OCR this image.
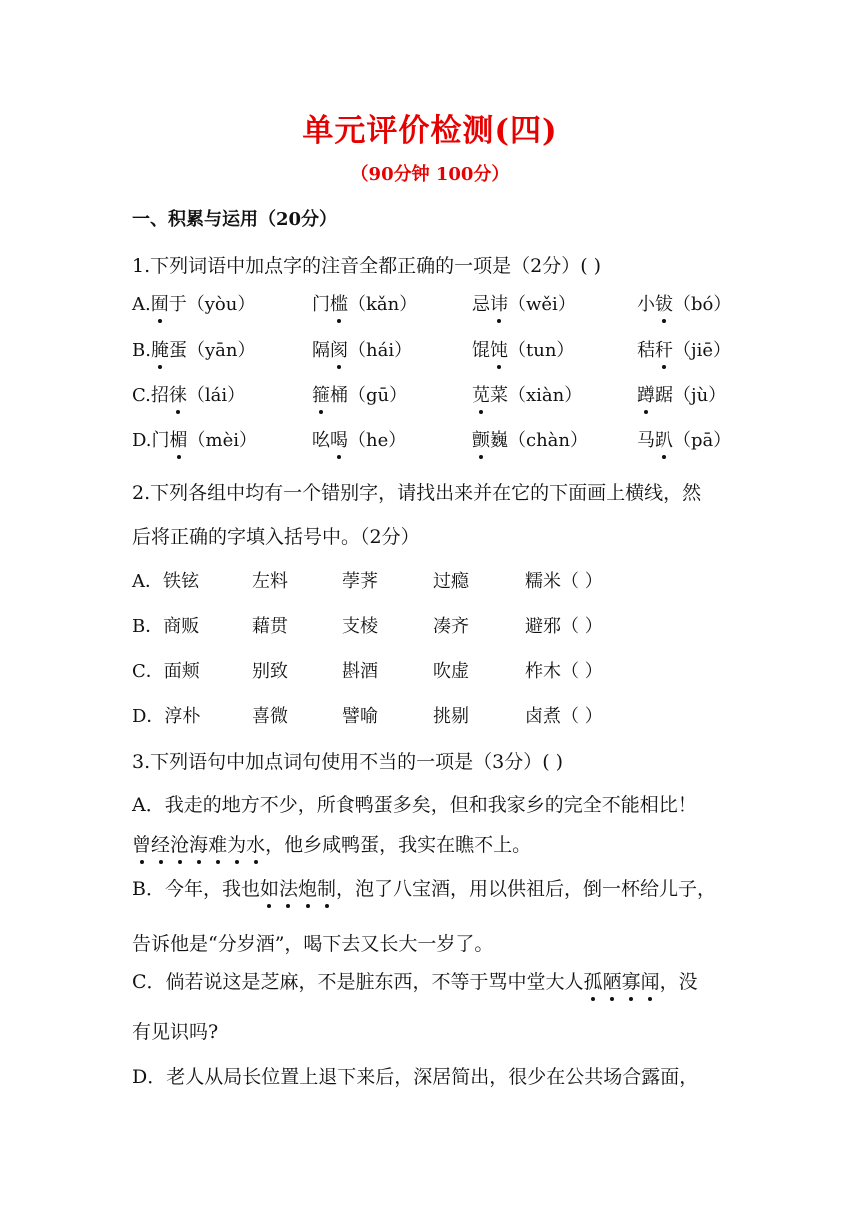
单元评价检测(四)
（90分钟 100分）
一、积累与运用（20分）
1.下列词语中加点字的注音全都正确的一项是（2分）( )
A.囿于（yòu）	门槛（kǎn）	忌讳（wěi）	小钹（bó）
B.腌蛋（yān）	隔阂（hái）	馄饨（tun）	秸秆（jiē）
C.招徕（lái）	箍桶（gū）	苋菜（xiàn）	蹲踞（jù）
D.门楣（mèi）	吆喝（he）	颤巍（chàn）	马趴（pā）
2.下列各组中均有一个错别字，请找出来并在它的下面画上横线，然
后将正确的字填入括号中。（2分）
A．铁铉	左料	荸荠	过瘾	糯米（ ）
B．商贩	藉贯	支棱	凑齐	避邪（ ）
C．面颊	别致	斟酒	吹虚	柞木（ ）
D．淳朴	喜微	譬喻	挑剔	卤煮（ ）
3.下列语句中加点词句使用不当的一项是（3分）( )
A．我走的地方不少，所食鸭蛋多矣，但和我家乡的完全不能相比！
曾经沧海难为水，他乡咸鸭蛋，我实在瞧不上。
B．今年，我也如法炮制，泡了八宝酒，用以供祖后，倒一杯给儿子，
告诉他是“分岁酒”，喝下去又长大一岁了。
C．倘若说这是芝麻，不是脏东西，不等于骂中堂大人孤陋寡闻，没
有见识吗?
D．老人从局长位置上退下来后，深居简出，很少在公共场合露面，
